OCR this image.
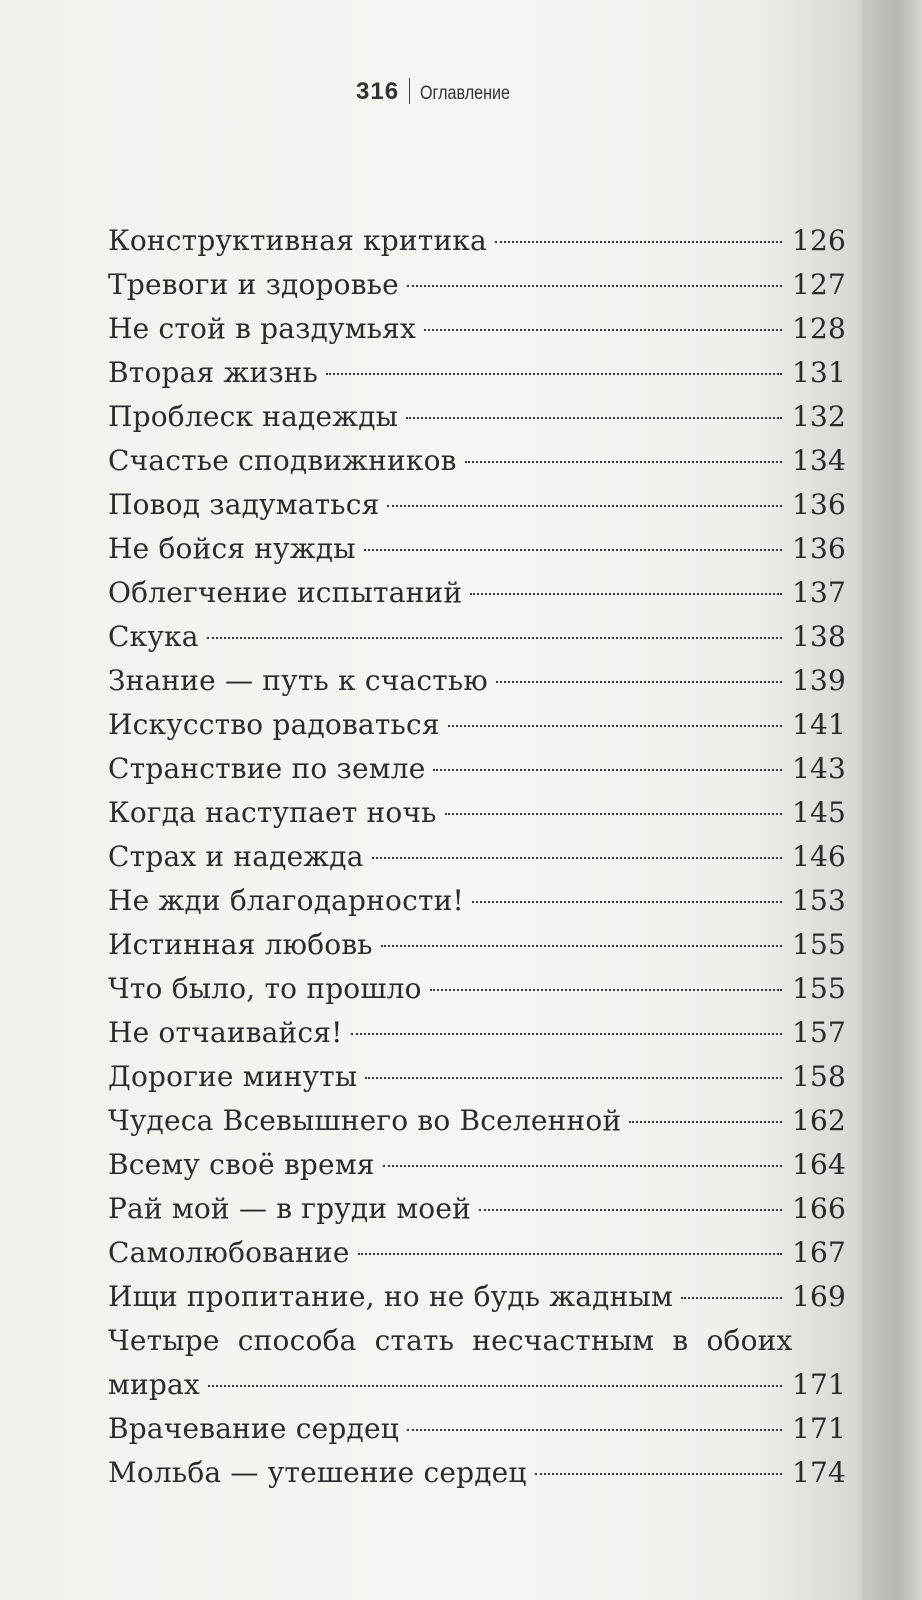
316 Оглавление
Конструктивная критика	126
Тревоги и здоровье	127
Не стой в раздумьях	128
Вторая жизнь	131
Проблеск надежды	132
Счастье сподвижников	134
Повод задуматься	136
Не бойся нужды	136
Облегчение испытаний	137
Скука	138
Знание — путь к счастью	139
Искусство радоваться	141
Странствие по земле	143
Когда наступает ночь	145
Страх и надежда	146
Не жди благодарности!	153
Истинная любовь	155
Что было, то прошло	155
Не отчаивайся!	157
Дорогие минуты	158
Чудеса Всевышнего во Вселенной	162
Всему своё время	164
Рай мой — в груди моей	166
Самолюбование	167
Ищи пропитание, но не будь жадным	169
Четыре способа стать несчастным в обоих
мирах	171
Врачевание сердец	171
Мольба — утешение сердец	174
